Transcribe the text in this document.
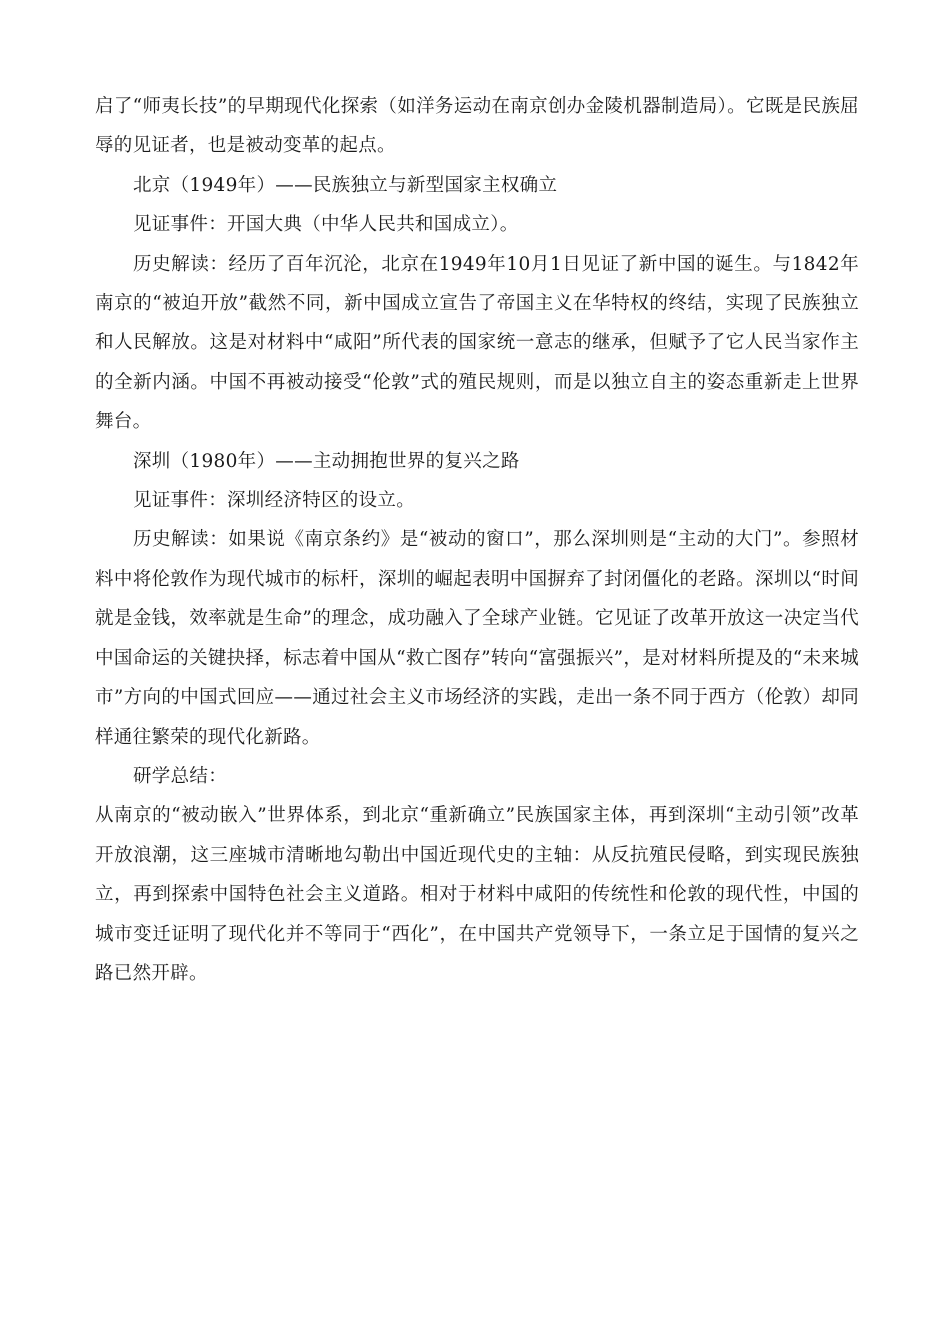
启了“师夷长技”的早期现代化探索（如洋务运动在南京创办金陵机器制造局）。它既是民族屈辱的见证者，也是被动变革的起点。

北京（1949年）——民族独立与新型国家主权确立

见证事件：开国大典（中华人民共和国成立）。

历史解读：经历了百年沉沦，北京在1949年10月1日见证了新中国的诞生。与1842年南京的“被迫开放”截然不同，新中国成立宣告了帝国主义在华特权的终结，实现了民族独立和人民解放。这是对材料中“咸阳”所代表的国家统一意志的继承，但赋予了它人民当家作主的全新内涵。中国不再被动接受“伦敦”式的殖民规则，而是以独立自主的姿态重新走上世界舞台。

深圳（1980年）——主动拥抱世界的复兴之路

见证事件：深圳经济特区的设立。

历史解读：如果说《南京条约》是“被动的窗口”，那么深圳则是“主动的大门”。参照材料中将伦敦作为现代城市的标杆，深圳的崛起表明中国摒弃了封闭僵化的老路。深圳以“时间就是金钱，效率就是生命”的理念，成功融入了全球产业链。它见证了改革开放这一决定当代中国命运的关键抉择，标志着中国从“救亡图存”转向“富强振兴”，是对材料所提及的“未来城市”方向的中国式回应——通过社会主义市场经济的实践，走出一条不同于西方（伦敦）却同样通往繁荣的现代化新路。

研学总结：

从南京的“被动嵌入”世界体系，到北京“重新确立”民族国家主体，再到深圳“主动引领”改革开放浪潮，这三座城市清晰地勾勒出中国近现代史的主轴：从反抗殖民侵略，到实现民族独立，再到探索中国特色社会主义道路。相对于材料中咸阳的传统性和伦敦的现代性，中国的城市变迁证明了现代化并不等同于“西化”，在中国共产党领导下，一条立足于国情的复兴之路已然开辟。
